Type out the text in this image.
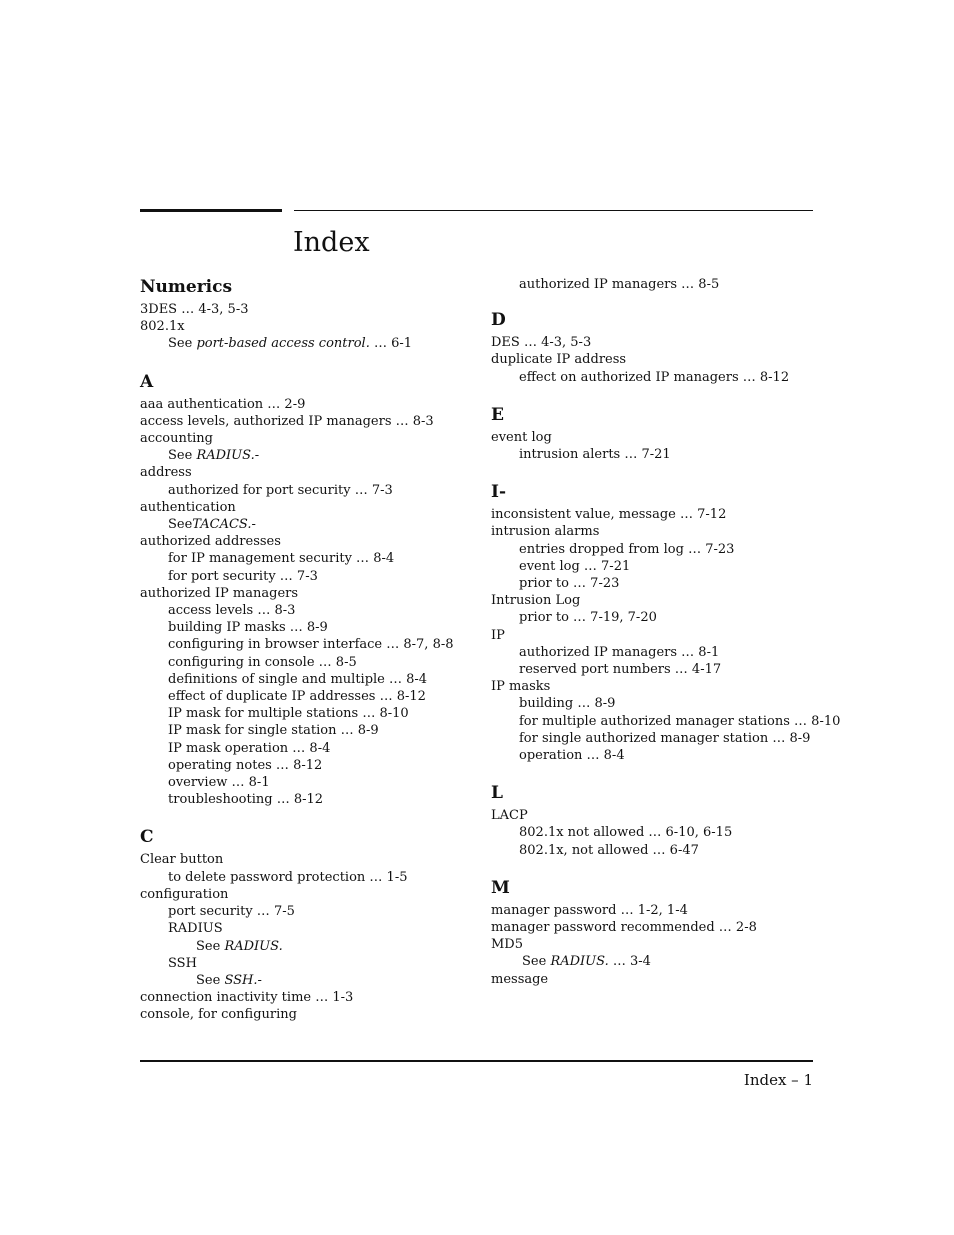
Index
Numerics
3DES … 4-3, 5-3
802.1x
See port-based access control. … 6-1
A
aaa authentication … 2-9
access levels, authorized IP managers … 8-3
accounting
See RADIUS.-
address
authorized for port security … 7-3
authentication
SeeTACACS.-
authorized addresses
for IP management security … 8-4
for port security … 7-3
authorized IP managers
access levels … 8-3
building IP masks … 8-9
configuring in browser interface … 8-7, 8-8
configuring in console … 8-5
definitions of single and multiple … 8-4
effect of duplicate IP addresses … 8-12
IP mask for multiple stations … 8-10
IP mask for single station … 8-9
IP mask operation … 8-4
operating notes … 8-12
overview … 8-1
troubleshooting … 8-12
C
Clear button
to delete password protection … 1-5
configuration
port security … 7-5
RADIUS
See RADIUS.
SSH
See SSH.-
connection inactivity time … 1-3
console, for configuring
authorized IP managers … 8-5
D
DES … 4-3, 5-3
duplicate IP address
effect on authorized IP managers … 8-12
E
event log
intrusion alerts … 7-21
I-
inconsistent value, message … 7-12
intrusion alarms
entries dropped from log … 7-23
event log … 7-21
prior to … 7-23
Intrusion Log
prior to … 7-19, 7-20
IP
authorized IP managers … 8-1
reserved port numbers … 4-17
IP masks
building … 8-9
for multiple authorized manager stations … 8-10
for single authorized manager station … 8-9
operation … 8-4
L
LACP
802.1x not allowed … 6-10, 6-15
802.1x, not allowed … 6-47
M
manager password … 1-2, 1-4
manager password recommended … 2-8
MD5
See RADIUS. … 3-4
message
Index – 1
